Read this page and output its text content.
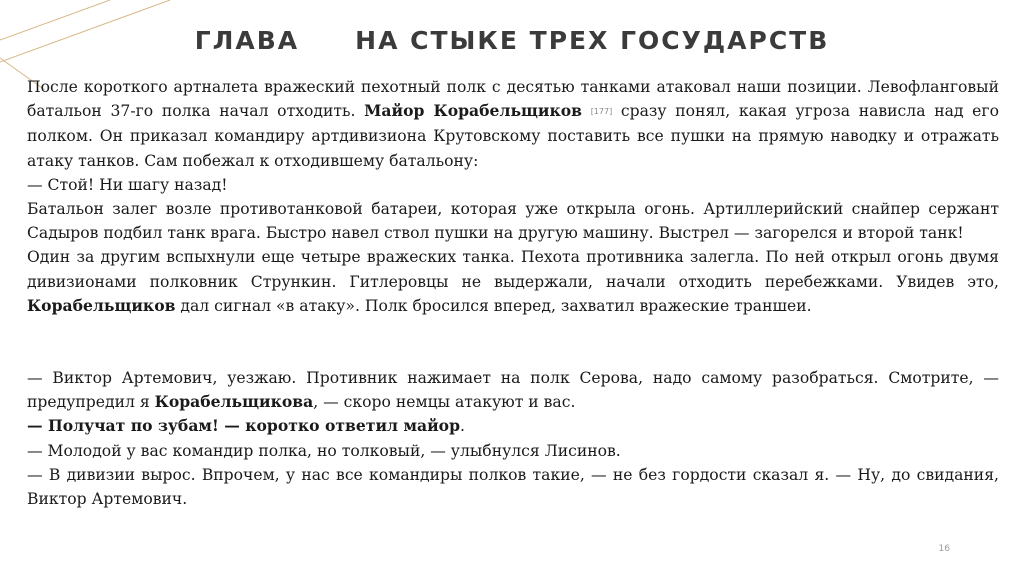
ГЛАВА НА СТЫКЕ ТРЕХ ГОСУДАРСТВ

После короткого артналета вражеский пехотный полк с десятью танками атаковал наши позиции. Левофланговый батальон 37-го полка начал отходить. Майор Корабельщиков [177] сразу понял, какая угроза нависла над его полком. Он приказал командиру артдивизиона Крутовскому поставить все пушки на прямую наводку и отражать атаку танков. Сам побежал к отходившему батальону:

— Стой! Ни шагу назад!

Батальон залег возле противотанковой батареи, которая уже открыла огонь. Артиллерийский снайпер сержант Садыров подбил танк врага. Быстро навел ствол пушки на другую машину. Выстрел — загорелся и второй танк!

Один за другим вспыхнули еще четыре вражеских танка. Пехота противника залегла. По ней открыл огонь двумя дивизионами полковник Стрункин. Гитлеровцы не выдержали, начали отходить перебежками. Увидев это, Корабельщиков дал сигнал «в атаку». Полк бросился вперед, захватил вражеские траншеи.

— Виктор Артемович, уезжаю. Противник нажимает на полк Серова, надо самому разобраться. Смотрите, — предупредил я Корабельщикова, — скоро немцы атакуют и вас.

— Получат по зубам! — коротко ответил майор.

— Молодой у вас командир полка, но толковый, — улыбнулся Лисинов.

— В дивизии вырос. Впрочем, у нас все командиры полков такие, — не без гордости сказал я. — Ну, до свидания, Виктор Артемович.

16
